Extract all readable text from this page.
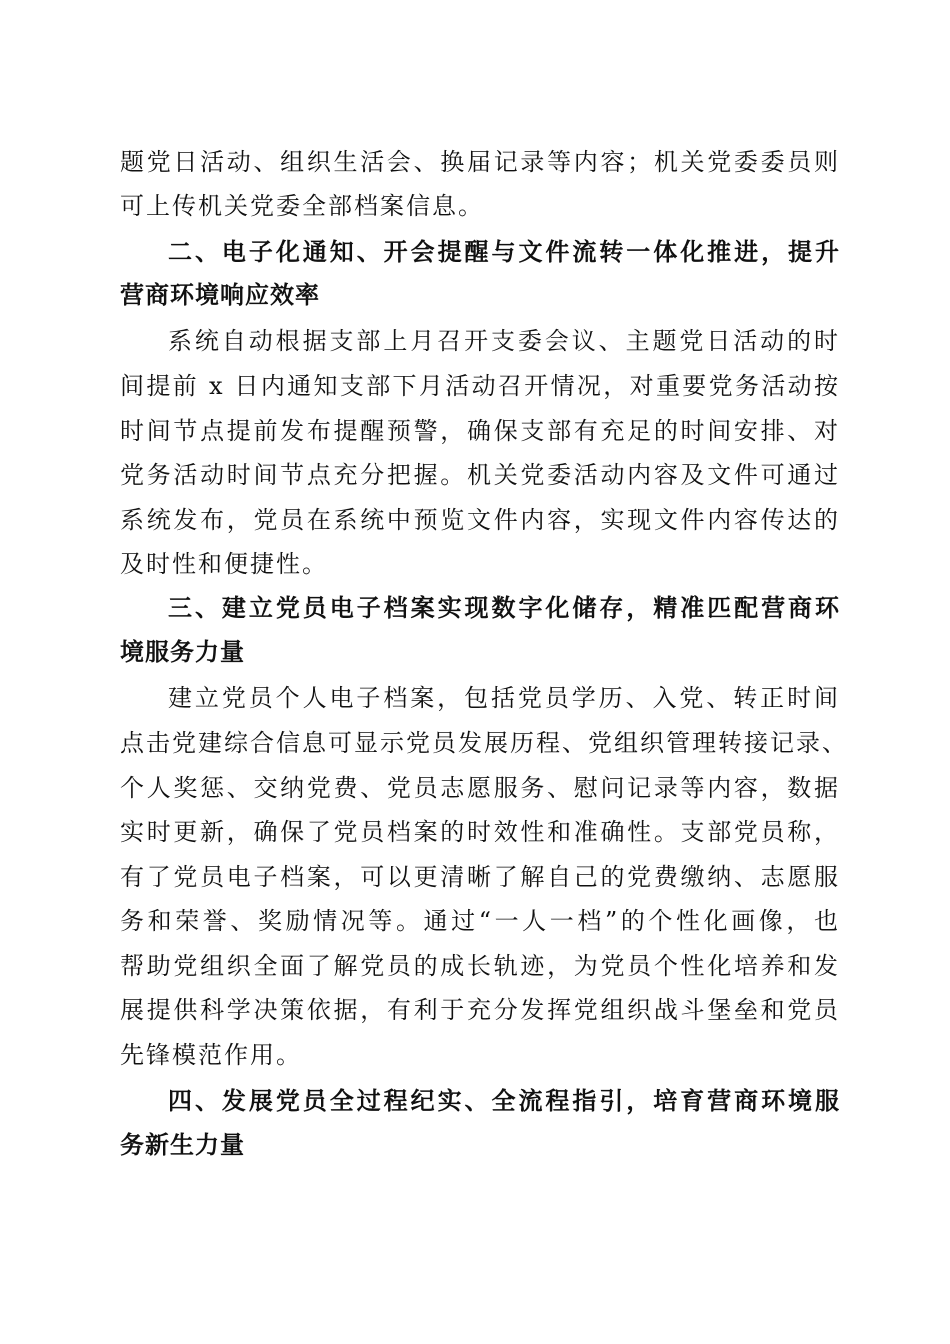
题党日活动、组织生活会、换届记录等内容；机关党委委员则
可上传机关党委全部档案信息。
二、电子化通知、开会提醒与文件流转一体化推进，提升
营商环境响应效率
系统自动根据支部上月召开支委会议、主题党日活动的时
间提前 x 日内通知支部下月活动召开情况，对重要党务活动按
时间节点提前发布提醒预警，确保支部有充足的时间安排、对
党务活动时间节点充分把握。机关党委活动内容及文件可通过
系统发布，党员在系统中预览文件内容，实现文件内容传达的
及时性和便捷性。
三、建立党员电子档案实现数字化储存，精准匹配营商环
境服务力量
建立党员个人电子档案，包括党员学历、入党、转正时间
点击党建综合信息可显示党员发展历程、党组织管理转接记录、
个人奖惩、交纳党费、党员志愿服务、慰问记录等内容，数据
实时更新，确保了党员档案的时效性和准确性。支部党员称，
有了党员电子档案，可以更清晰了解自己的党费缴纳、志愿服
务和荣誉、奖励情况等。通过“一人一档”的个性化画像，也
帮助党组织全面了解党员的成长轨迹，为党员个性化培养和发
展提供科学决策依据，有利于充分发挥党组织战斗堡垒和党员
先锋模范作用。
四、发展党员全过程纪实、全流程指引，培育营商环境服
务新生力量
